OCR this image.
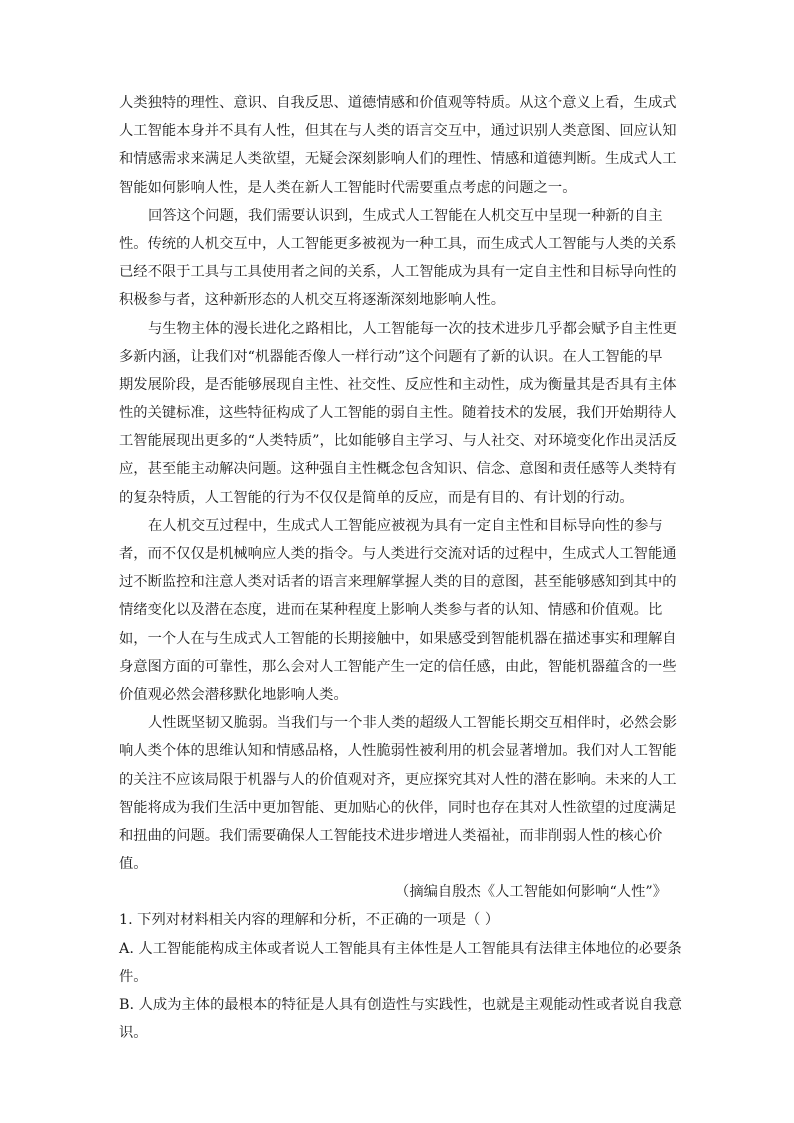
人类独特的理性、意识、自我反思、道德情感和价值观等特质。从这个意义上看，生成式
人工智能本身并不具有人性，但其在与人类的语言交互中，通过识别人类意图、回应认知
和情感需求来满足人类欲望，无疑会深刻影响人们的理性、情感和道德判断。生成式人工
智能如何影响人性，是人类在新人工智能时代需要重点考虑的问题之一。
回答这个问题，我们需要认识到，生成式人工智能在人机交互中呈现一种新的自主
性。传统的人机交互中，人工智能更多被视为一种工具，而生成式人工智能与人类的关系
已经不限于工具与工具使用者之间的关系，人工智能成为具有一定自主性和目标导向性的
积极参与者，这种新形态的人机交互将逐渐深刻地影响人性。
与生物主体的漫长进化之路相比，人工智能每一次的技术进步几乎都会赋予自主性更
多新内涵，让我们对“机器能否像人一样行动”这个问题有了新的认识。在人工智能的早
期发展阶段，是否能够展现自主性、社交性、反应性和主动性，成为衡量其是否具有主体
性的关键标准，这些特征构成了人工智能的弱自主性。随着技术的发展，我们开始期待人
工智能展现出更多的“人类特质”，比如能够自主学习、与人社交、对环境变化作出灵活反
应，甚至能主动解决问题。这种强自主性概念包含知识、信念、意图和责任感等人类特有
的复杂特质，人工智能的行为不仅仅是简单的反应，而是有目的、有计划的行动。
在人机交互过程中，生成式人工智能应被视为具有一定自主性和目标导向性的参与
者，而不仅仅是机械响应人类的指令。与人类进行交流对话的过程中，生成式人工智能通
过不断监控和注意人类对话者的语言来理解掌握人类的目的意图，甚至能够感知到其中的
情绪变化以及潜在态度，进而在某种程度上影响人类参与者的认知、情感和价值观。比
如，一个人在与生成式人工智能的长期接触中，如果感受到智能机器在描述事实和理解自
身意图方面的可靠性，那么会对人工智能产生一定的信任感，由此，智能机器蕴含的一些
价值观必然会潜移默化地影响人类。
人性既坚韧又脆弱。当我们与一个非人类的超级人工智能长期交互相伴时，必然会影
响人类个体的思维认知和情感品格，人性脆弱性被利用的机会显著增加。我们对人工智能
的关注不应该局限于机器与人的价值观对齐，更应探究其对人性的潜在影响。未来的人工
智能将成为我们生活中更加智能、更加贴心的伙伴，同时也存在其对人性欲望的过度满足
和扭曲的问题。我们需要确保人工智能技术进步增进人类福祉，而非削弱人性的核心价
值。
（摘编自殷杰《人工智能如何影响“人性”》
1. 下列对材料相关内容的理解和分析，不正确的一项是（ ）
A. 人工智能能构成主体或者说人工智能具有主体性是人工智能具有法律主体地位的必要条
件。
B. 人成为主体的最根本的特征是人具有创造性与实践性，也就是主观能动性或者说自我意
识。
